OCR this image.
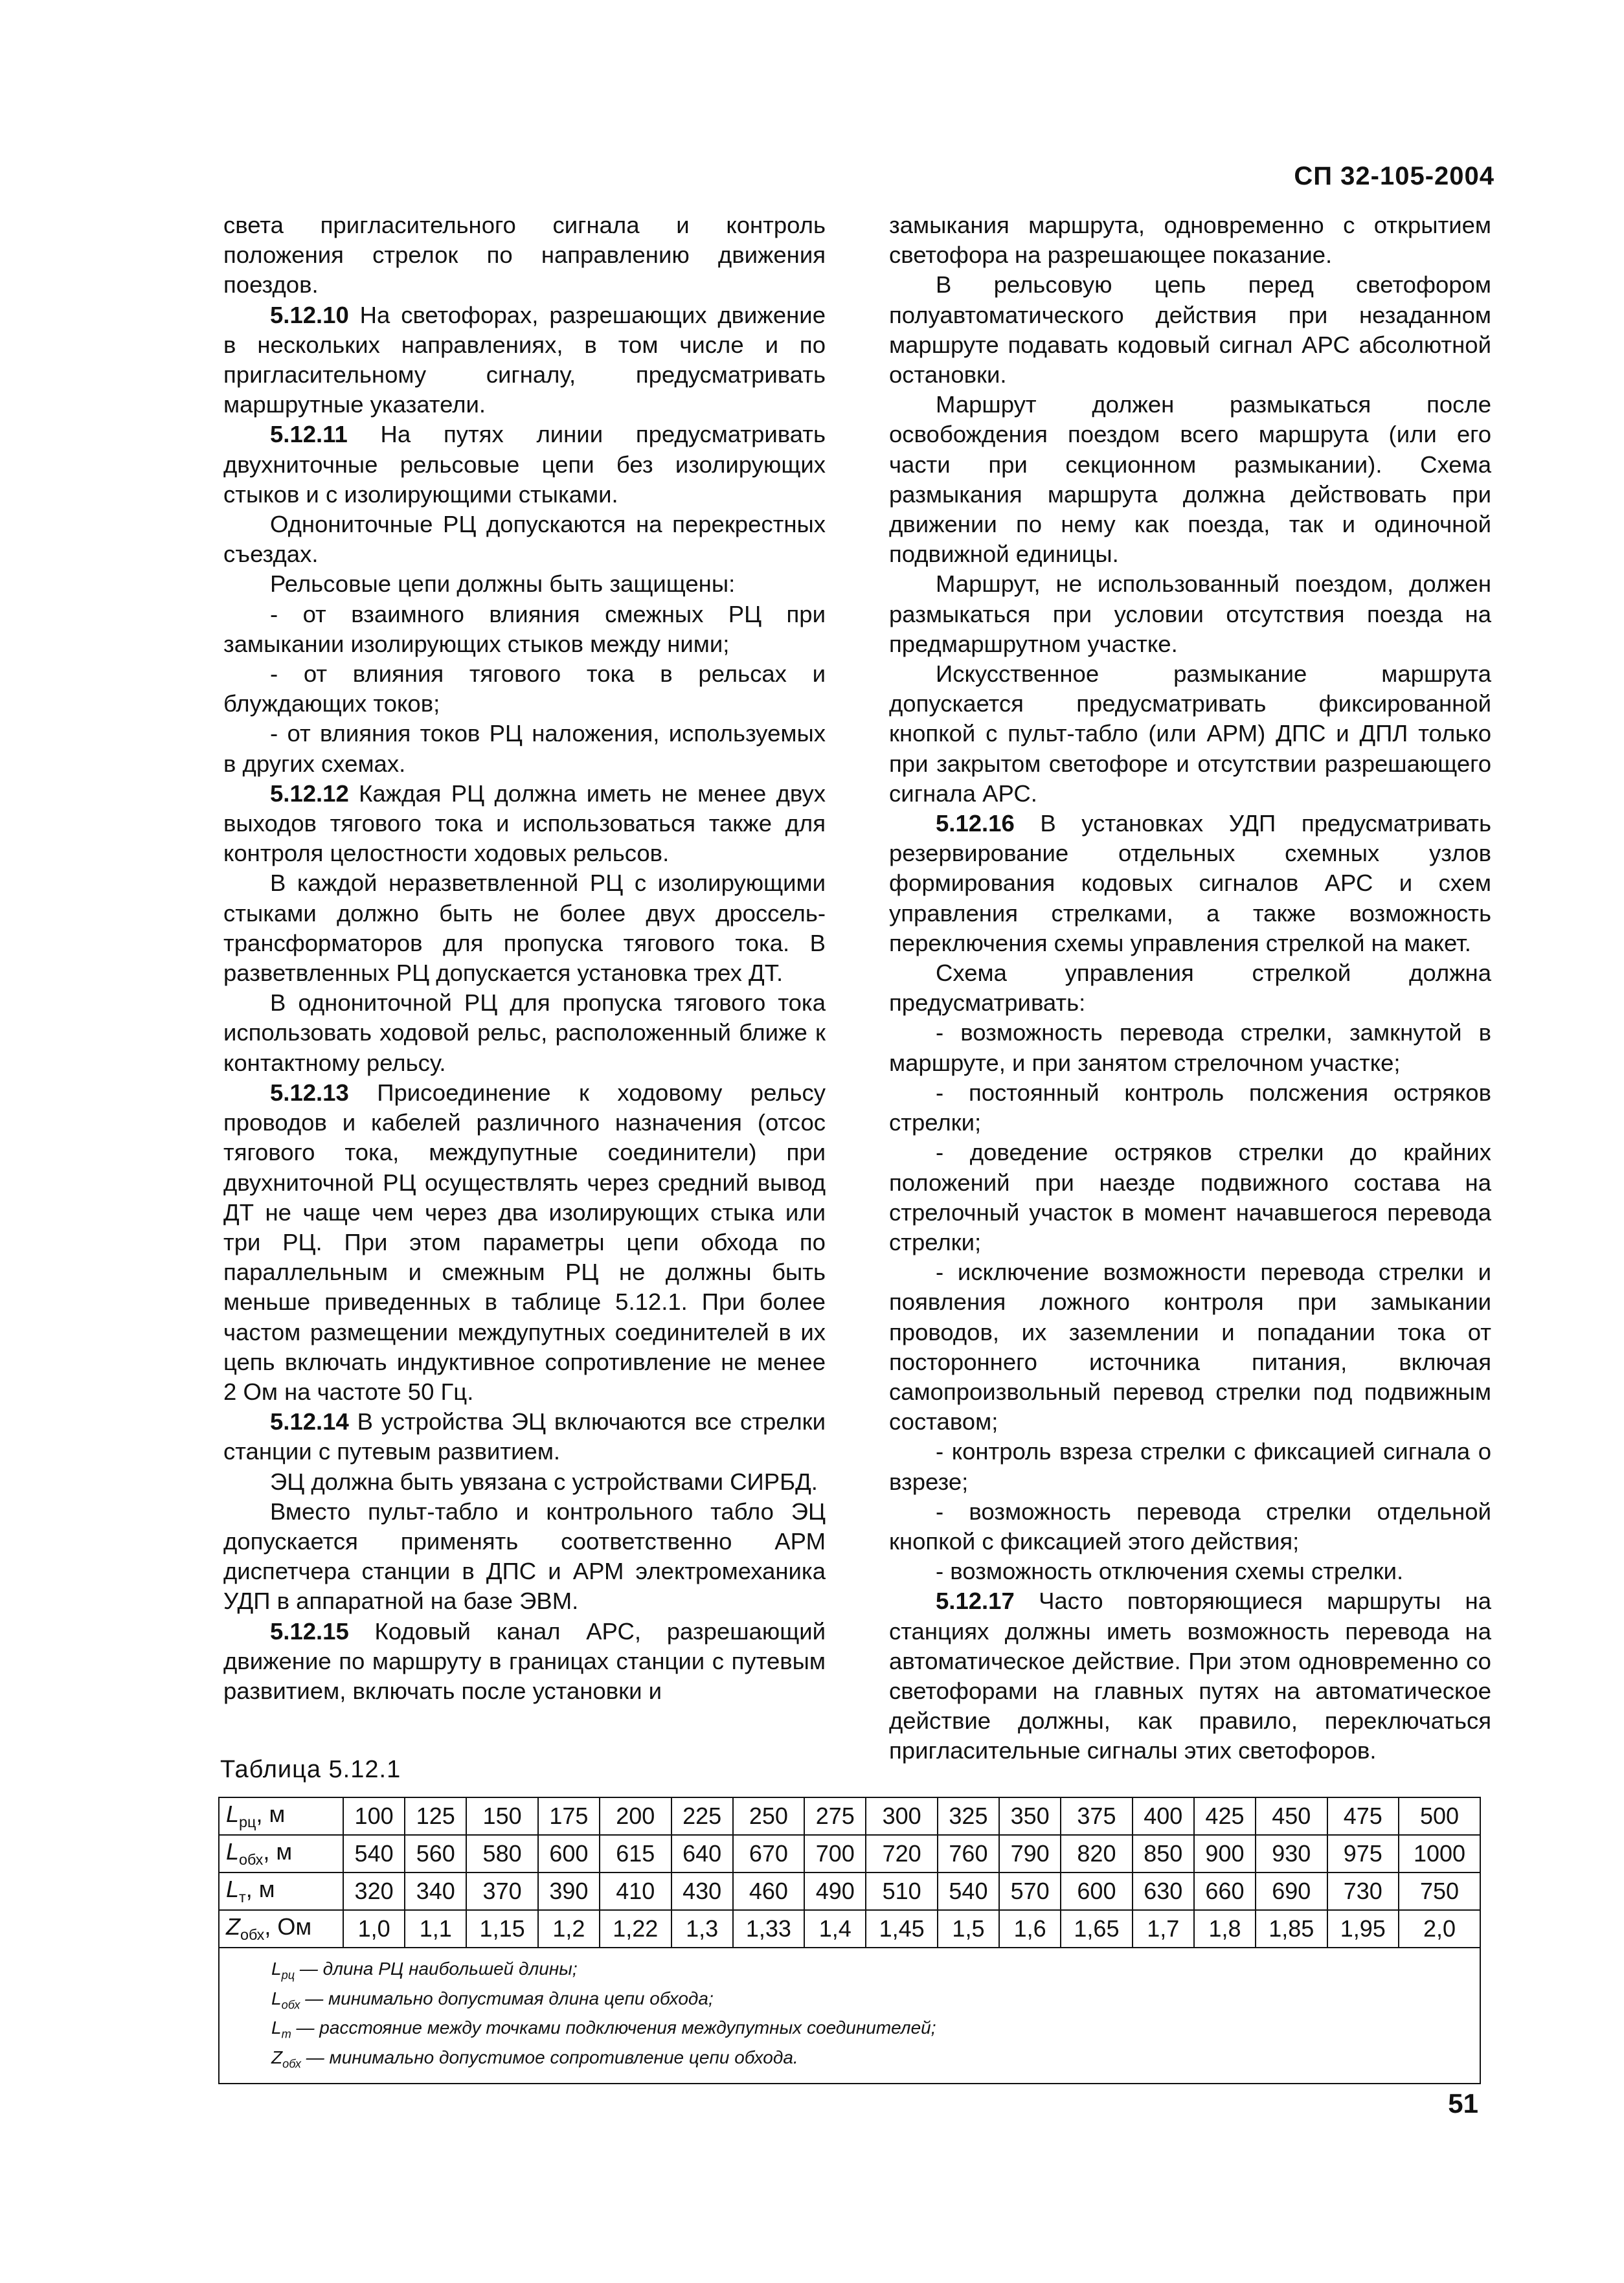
СП 32-105-2004

света пригласительного сигнала и контроль положения стрелок по направлению движения поездов.

5.12.10 На светофорах, разрешающих движение в нескольких направлениях, в том числе и по пригласительному сигналу, предусматривать маршрутные указатели.

5.12.11 На путях линии предусматривать двухниточные рельсовые цепи без изолирующих стыков и с изолирующими стыками.

Однониточные РЦ допускаются на перекрестных съездах.

Рельсовые цепи должны быть защищены:

- от взаимного влияния смежных РЦ при замыкании изолирующих стыков между ними;

- от влияния тягового тока в рельсах и блуждающих токов;

- от влияния токов РЦ наложения, используемых в других схемах.

5.12.12 Каждая РЦ должна иметь не менее двух выходов тягового тока и использоваться также для контроля целостности ходовых рельсов.

В каждой неразветвленной РЦ с изолирующими стыками должно быть не более двух дроссель-трансформаторов для пропуска тягового тока. В разветвленных РЦ допускается установка трех ДТ.

В однониточной РЦ для пропуска тягового тока использовать ходовой рельс, расположенный ближе к контактному рельсу.

5.12.13 Присоединение к ходовому рельсу проводов и кабелей различного назначения (отсос тягового тока, междупутные соединители) при двухниточной РЦ осуществлять через средний вывод ДТ не чаще чем через два изолирующих стыка или три РЦ. При этом параметры цепи обхода по параллельным и смежным РЦ не должны быть меньше приведенных в таблице 5.12.1. При более частом размещении междупутных соединителей в их цепь включать индуктивное сопротивление не менее 2 Ом на частоте 50 Гц.

5.12.14 В устройства ЭЦ включаются все стрелки станции с путевым развитием.

ЭЦ должна быть увязана с устройствами СИРБД.

Вместо пульт-табло и контрольного табло ЭЦ допускается применять соответственно АРМ диспетчера станции в ДПС и АРМ электромеханика УДП в аппаратной на базе ЭВМ.

5.12.15 Кодовый канал АРС, разрешающий движение по маршруту в границах станции с путевым развитием, включать после установки и

замыкания маршрута, одновременно с открытием светофора на разрешающее показание.

В рельсовую цепь перед светофором полуавтоматического действия при незаданном маршруте подавать кодовый сигнал АРС абсолютной остановки.

Маршрут должен размыкаться после освобождения поездом всего маршрута (или его части при секционном размыкании). Схема размыкания маршрута должна действовать при движении по нему как поезда, так и одиночной подвижной единицы.

Маршрут, не использованный поездом, должен размыкаться при условии отсутствия поезда на предмаршрутном участке.

Искусственное размыкание маршрута допускается предусматривать фиксированной кнопкой с пульт-табло (или АРМ) ДПС и ДПЛ только при закрытом светофоре и отсутствии разрешающего сигнала АРС.

5.12.16 В установках УДП предусматривать резервирование отдельных схемных узлов формирования кодовых сигналов АРС и схем управления стрелками, а также возможность переключения схемы управления стрелкой на макет.

Схема управления стрелкой должна предусматривать:

- возможность перевода стрелки, замкнутой в маршруте, и при занятом стрелочном участке;

- постоянный контроль полсжения остряков стрелки;

- доведение остряков стрелки до крайних положений при наезде подвижного состава на стрелочный участок в момент начавшегося перевода стрелки;

- исключение возможности перевода стрелки и появления ложного контроля при замыкании проводов, их заземлении и попадании тока от постороннего источника питания, включая самопроизвольный перевод стрелки под подвижным составом;

- контроль взреза стрелки с фиксацией сигнала о взрезе;

- возможность перевода стрелки отдельной кнопкой с фиксацией этого действия;

- возможность отключения схемы стрелки.

5.12.17 Часто повторяющиеся маршруты на станциях должны иметь возможность перевода на автоматическое действие. При этом одновременно со светофорами на главных путях на автоматическое действие должны, как правило, переключаться пригласительные сигналы этих светофоров.

Таблица 5.12.1
$L_{рц}$, м	100	125	150	175	200	225	250	275	300	325	350	375	400	425	450	475	500
$L_{обх}$, м	540	560	580	600	615	640	670	700	720	760	790	820	850	900	930	975	1000
$L_т$, м	320	340	370	390	410	430	460	490	510	540	570	600	630	660	690	730	750
$Z_{обх}$, Ом	1,0	1,1	1,15	1,2	1,22	1,3	1,33	1,4	1,45	1,5	1,6	1,65	1,7	1,8	1,85	1,95	2,0

$L_{рц}$ — длина РЦ наибольшей длины;
$L_{обх}$ — минимально допустимая длина цепи обхода;
$L_т$ — расстояние между точками подключения междупутных соединителей;
$Z_{обх}$ — минимально допустимое сопротивление цепи обхода.																	
51
